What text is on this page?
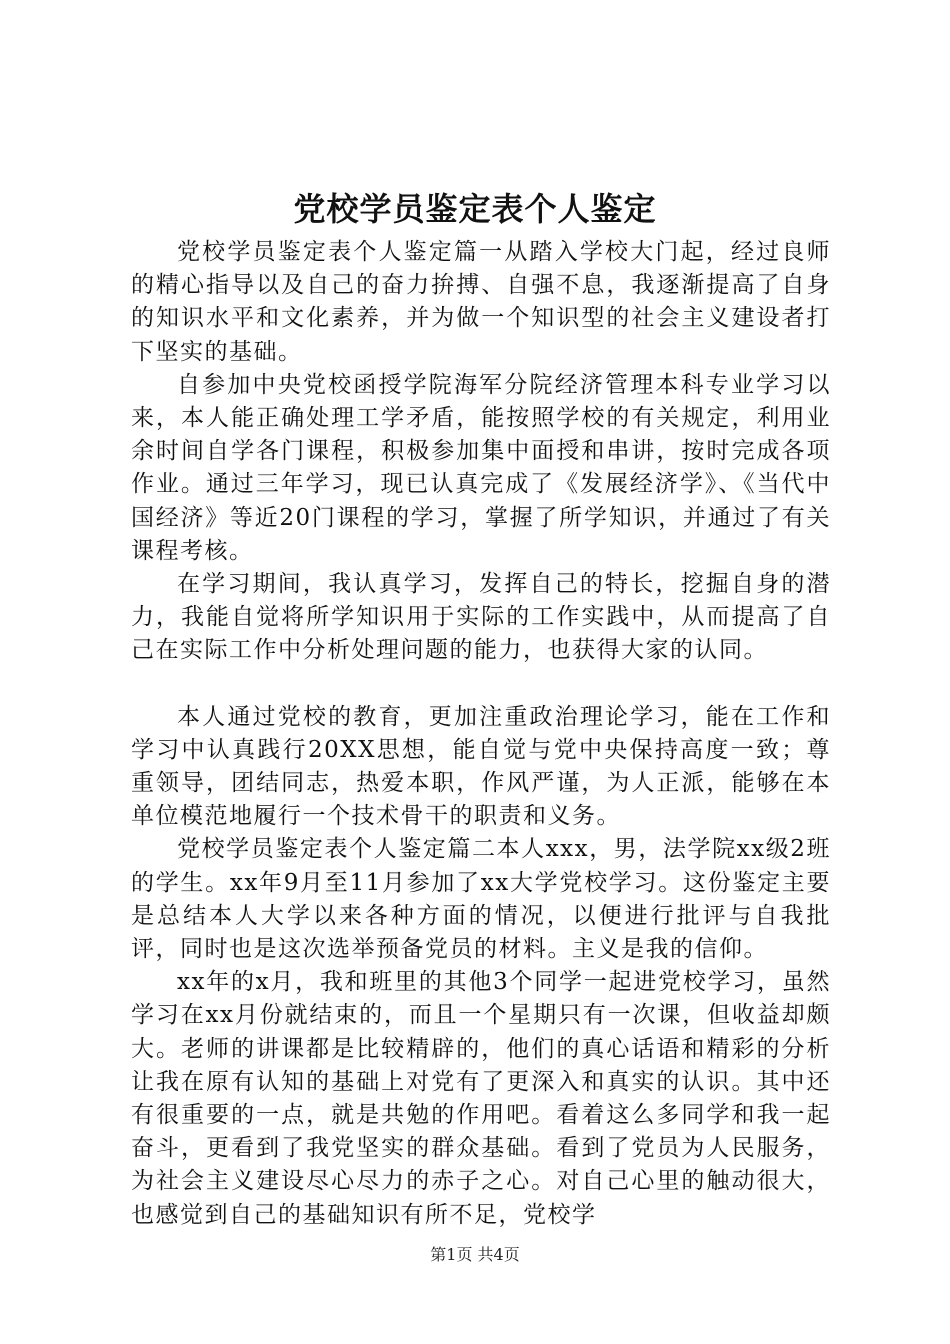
党校学员鉴定表个人鉴定

党校学员鉴定表个人鉴定篇一从踏入学校大门起，经过良师的精心指导以及自己的奋力拚搏、自强不息，我逐渐提高了自身的知识水平和文化素养，并为做一个知识型的社会主义建设者打下坚实的基础。

自参加中央党校函授学院海军分院经济管理本科专业学习以来，本人能正确处理工学矛盾，能按照学校的有关规定，利用业余时间自学各门课程，积极参加集中面授和串讲，按时完成各项作业。通过三年学习，现已认真完成了《发展经济学》、《当代中国经济》等近20门课程的学习，掌握了所学知识，并通过了有关课程考核。

在学习期间，我认真学习，发挥自己的特长，挖掘自身的潜力，我能自觉将所学知识用于实际的工作实践中，从而提高了自己在实际工作中分析处理问题的能力，也获得大家的认同。

本人通过党校的教育，更加注重政治理论学习，能在工作和学习中认真践行20XX思想，能自觉与党中央保持高度一致；尊重领导，团结同志，热爱本职，作风严谨，为人正派，能够在本单位模范地履行一个技术骨干的职责和义务。

党校学员鉴定表个人鉴定篇二本人xxx，男，法学院xx级2班的学生。xx年9月至11月参加了xx大学党校学习。这份鉴定主要是总结本人大学以来各种方面的情况，以便进行批评与自我批评，同时也是这次选举预备党员的材料。主义是我的信仰。

xx年的x月，我和班里的其他3个同学一起进党校学习，虽然学习在xx月份就结束的，而且一个星期只有一次课，但收益却颇大。老师的讲课都是比较精辟的，他们的真心话语和精彩的分析让我在原有认知的基础上对党有了更深入和真实的认识。其中还有很重要的一点，就是共勉的作用吧。看着这么多同学和我一起奋斗，更看到了我党坚实的群众基础。看到了党员为人民服务，为社会主义建设尽心尽力的赤子之心。对自己心里的触动很大，也感觉到自己的基础知识有所不足，党校学

第1页 共4页
